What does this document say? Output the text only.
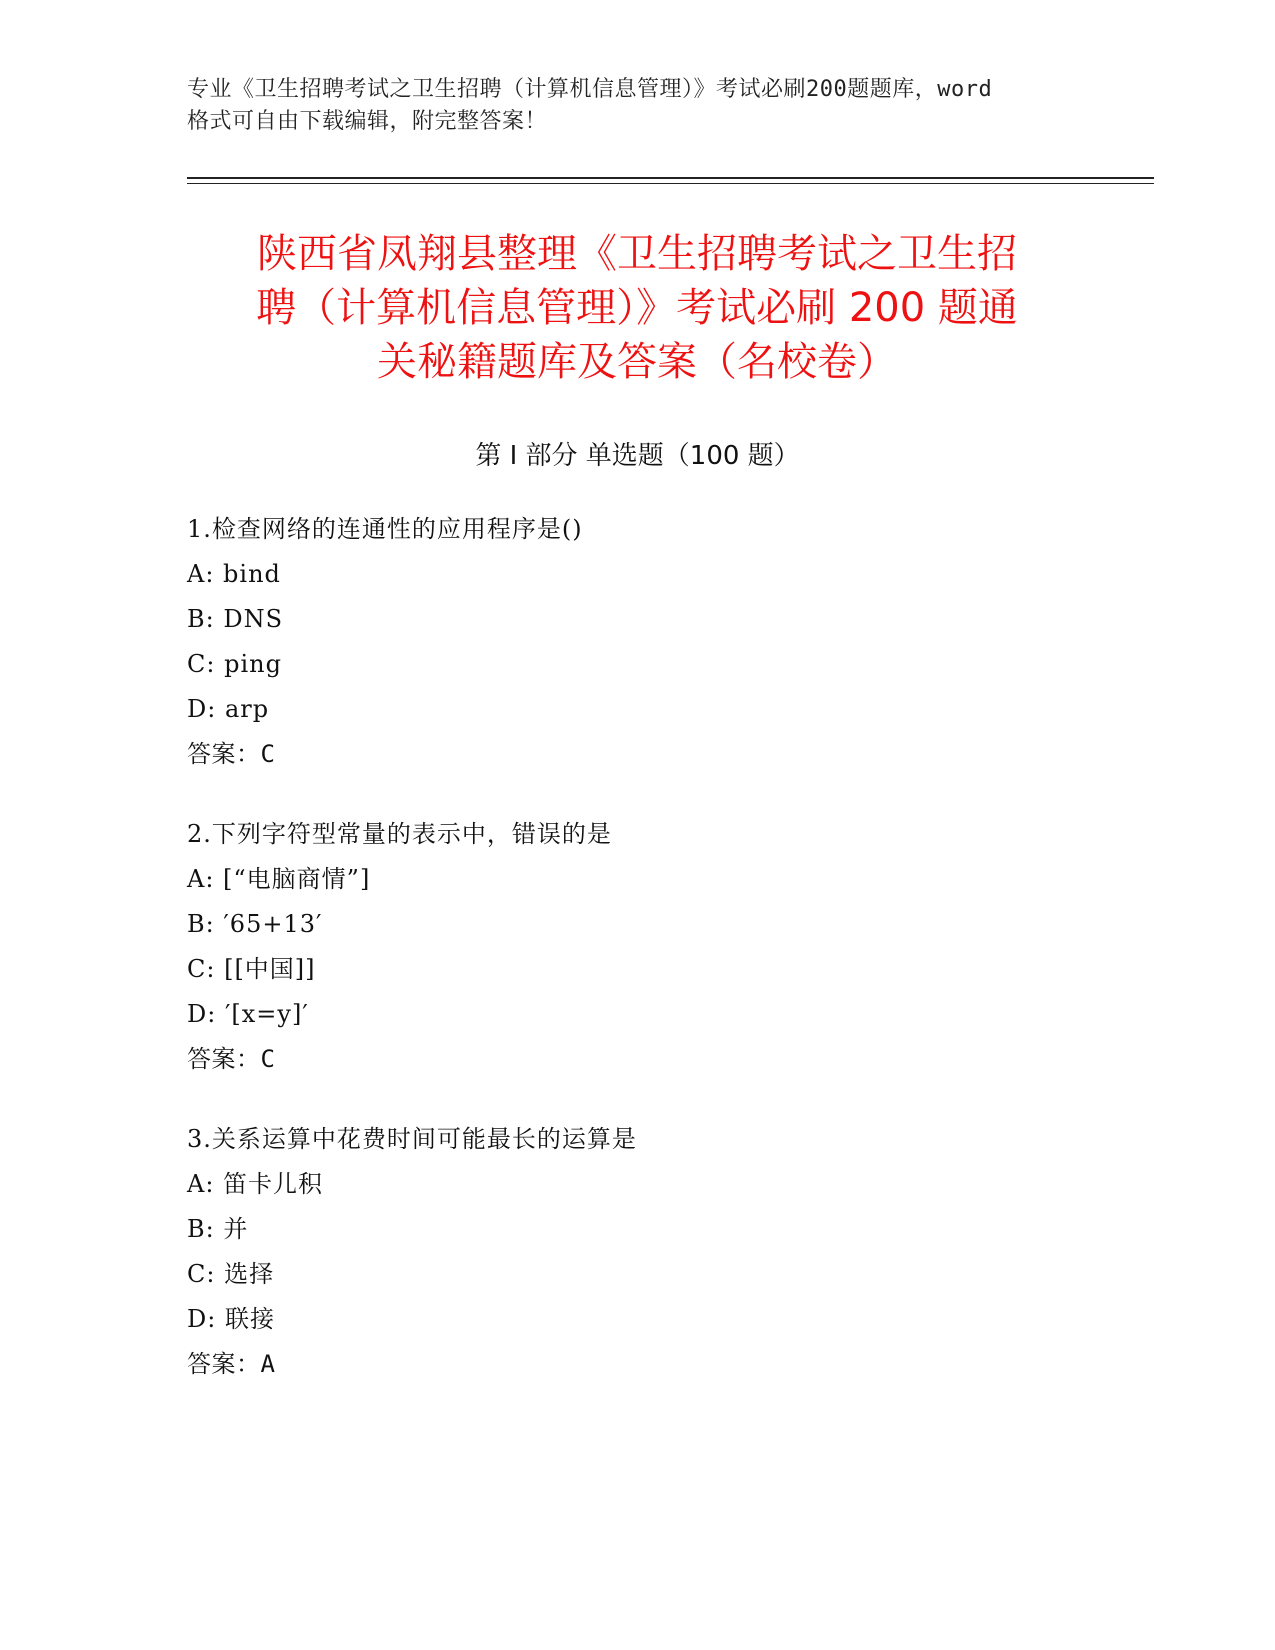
专业《卫生招聘考试之卫生招聘（计算机信息管理）》考试必刷200题题库，word
格式可自由下载编辑，附完整答案！
陕西省凤翔县整理《卫生招聘考试之卫生招
聘（计算机信息管理）》考试必刷 200 题通
关秘籍题库及答案（名校卷）
第 I 部分 单选题（100 题）
1.检查网络的连通性的应用程序是()
A: bind
B: DNS
C: ping
D: arp
答案：C
2.下列字符型常量的表示中，错误的是
A: [“电脑商情”]
B: ′65+13′
C: [[中国]]
D: ′[x=y]′
答案：C
3.关系运算中花费时间可能最长的运算是
A: 笛卡儿积
B: 并
C: 选择
D: 联接
答案：A
